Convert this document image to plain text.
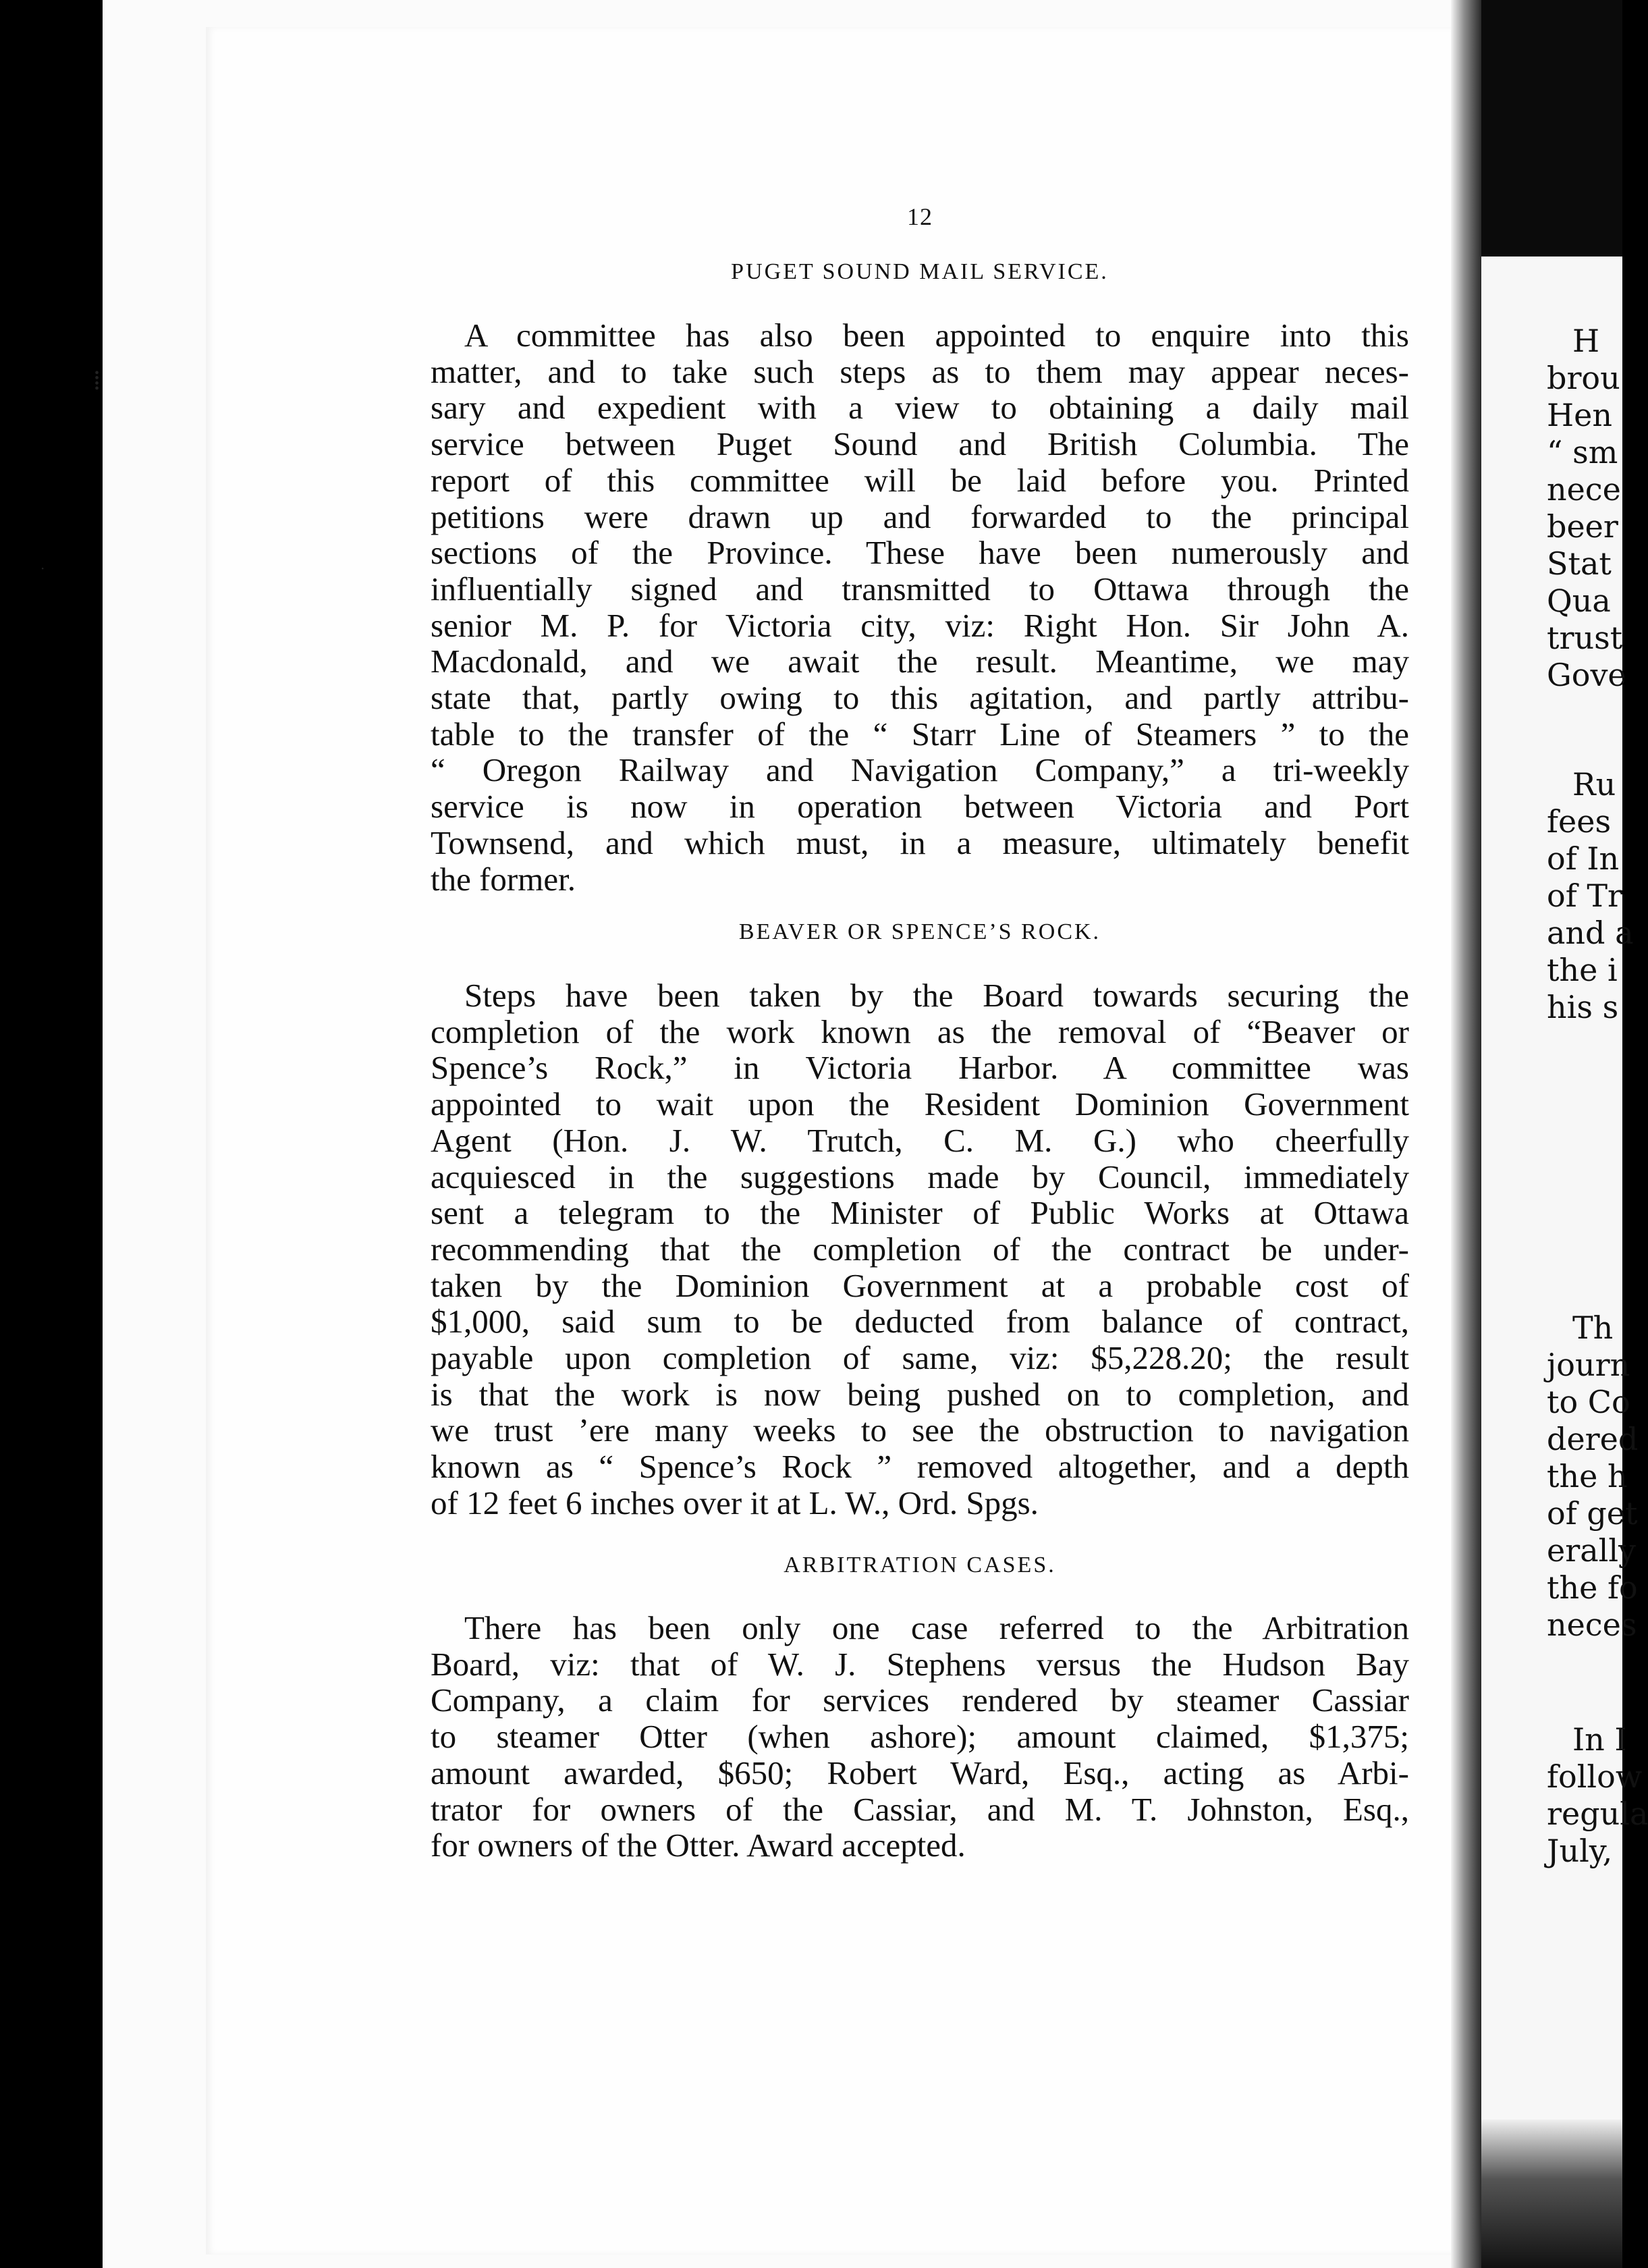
⁞
·
H
brou
Hen
“ sm
nece
beer
Stat
Qua
trust
Gove
Ru
fees
of In
of Tr
and a
the i
his s
Th
journ
to Co
dered
the h
of get
erally
the fo
neces
In I
follow
regula
July,
12
PUGET SOUND MAIL SERVICE.
A committee has also been appointed to enquire into this
matter, and to take such steps as to them may appear neces-
sary and expedient with a view to obtaining a daily mail
service between Puget Sound and British Columbia. The
report of this committee will be laid before you. Printed
petitions were drawn up and forwarded to the principal
sections of the Province. These have been numerously and
influentially signed and transmitted to Ottawa through the
senior M. P. for Victoria city, viz: Right Hon. Sir John A.
Macdonald, and we await the result. Meantime, we may
state that, partly owing to this agitation, and partly attribu-
table to the transfer of the “ Starr Line of Steamers ” to the
“ Oregon Railway and Navigation Company,” a tri-weekly
service is now in operation between Victoria and Port
Townsend, and which must, in a measure, ultimately benefit
the former.
BEAVER OR SPENCE’S ROCK.
Steps have been taken by the Board towards securing the
completion of the work known as the removal of “Beaver or
Spence’s Rock,” in Victoria Harbor. A committee was
appointed to wait upon the Resident Dominion Government
Agent (Hon. J. W. Trutch, C. M. G.) who cheerfully
acquiesced in the suggestions made by Council, immediately
sent a telegram to the Minister of Public Works at Ottawa
recommending that the completion of the contract be under-
taken by the Dominion Government at a probable cost of
$1,000, said sum to be deducted from balance of contract,
payable upon completion of same, viz: $5,228.20; the result
is that the work is now being pushed on to completion, and
we trust ’ere many weeks to see the obstruction to navigation
known as “ Spence’s Rock ” removed altogether, and a depth
of 12 feet 6 inches over it at L. W., Ord. Spgs.
ARBITRATION CASES.
There has been only one case referred to the Arbitration
Board, viz: that of W. J. Stephens versus the Hudson Bay
Company, a claim for services rendered by steamer Cassiar
to steamer Otter (when ashore); amount claimed, $1,375;
amount awarded, $650; Robert Ward, Esq., acting as Arbi-
trator for owners of the Cassiar, and M. T. Johnston, Esq.,
for owners of the Otter. Award accepted.
